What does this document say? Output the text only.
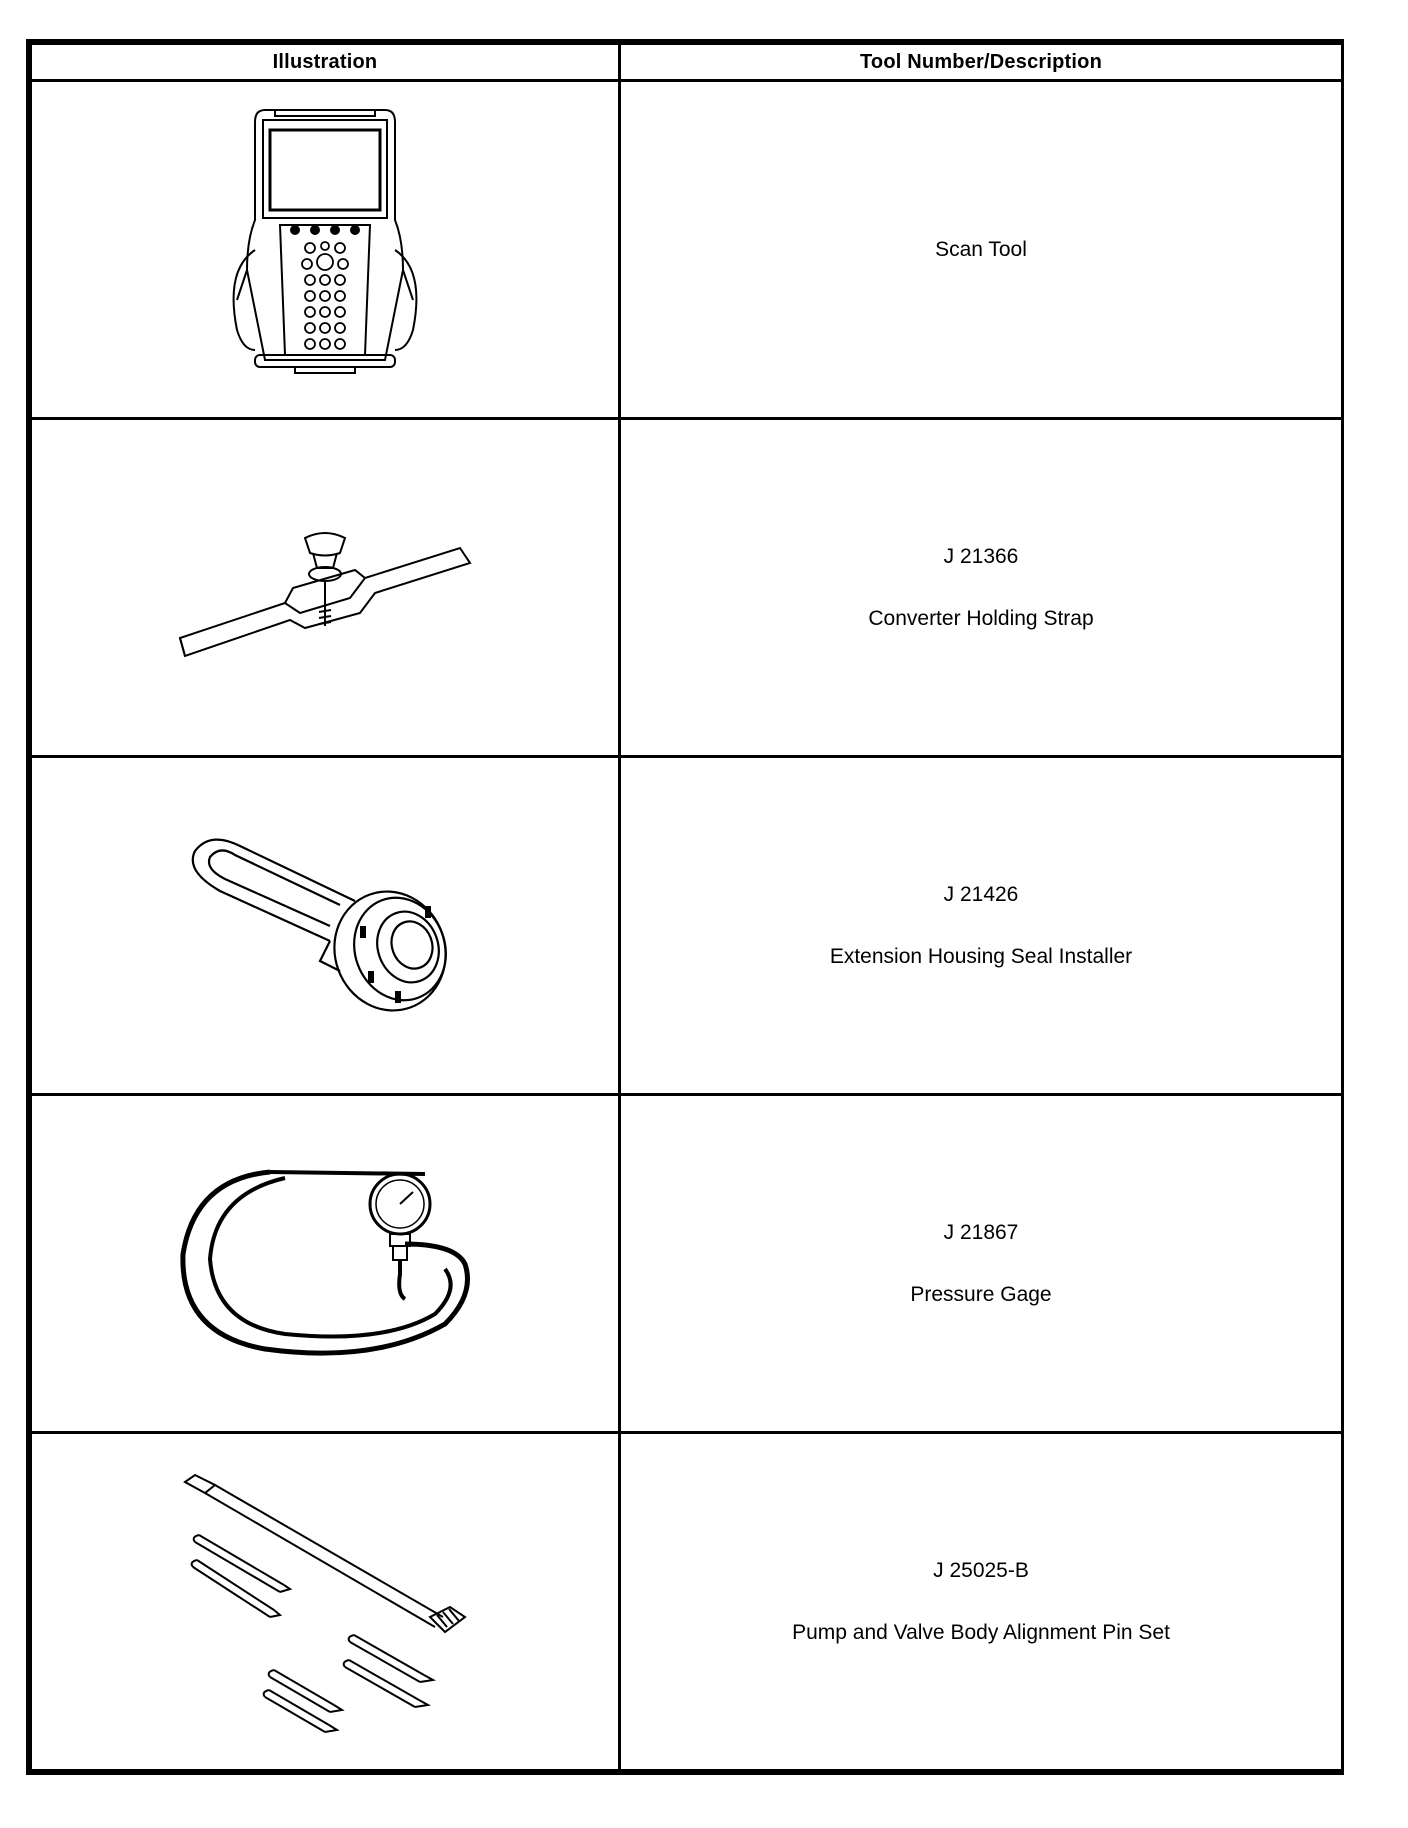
Illustration	Tool Number/Description

Scan Tool

J 21366
Converter Holding Strap

J 21426
Extension Housing Seal Installer

J 21867
Pressure Gage

J 25025-B
Pump and Valve Body Alignment Pin Set
